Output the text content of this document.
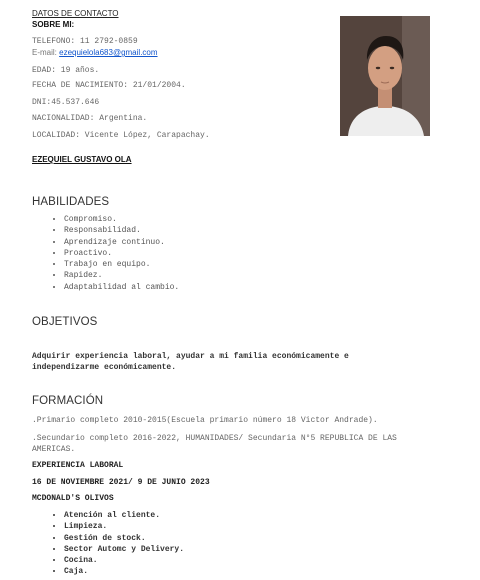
DATOS DE CONTACTO
SOBRE MI:
TELEFONO: 11 2792-0859
E-mail: ezequielola683@gmail.com
EDAD: 19 años.
FECHA DE NACIMIENTO: 21/01/2004.
DNI:45.537.646
NACIONALIDAD: Argentina.
LOCALIDAD: Vicente López, Carapachay.
EZEQUIEL GUSTAVO OLA
HABILIDADES
• Compromiso.
• Responsabilidad.
• Aprendizaje continuo.
• Proactivo.
• Trabajo en equipo.
• Rapidez.
• Adaptabilidad al cambio.
OBJETIVOS
Adquirir experiencia laboral, ayudar a mi familia económicamente e independizarme económicamente.
FORMACIÓN
.Primario completo 2010-2015(Escuela primario número 18 Victor Andrade).
.Secundario completo 2016-2022, HUMANIDADES/ Secundaria N°5 REPUBLICA DE LAS AMERICAS.
EXPERIENCIA LABORAL
16 DE NOVIEMBRE 2021/ 9 DE JUNIO 2023
MCDONALD'S OLIVOS
• Atención al cliente.
• Limpieza.
• Gestión de stock.
• Sector Automc y Delivery.
• Cocina.
• Caja.
